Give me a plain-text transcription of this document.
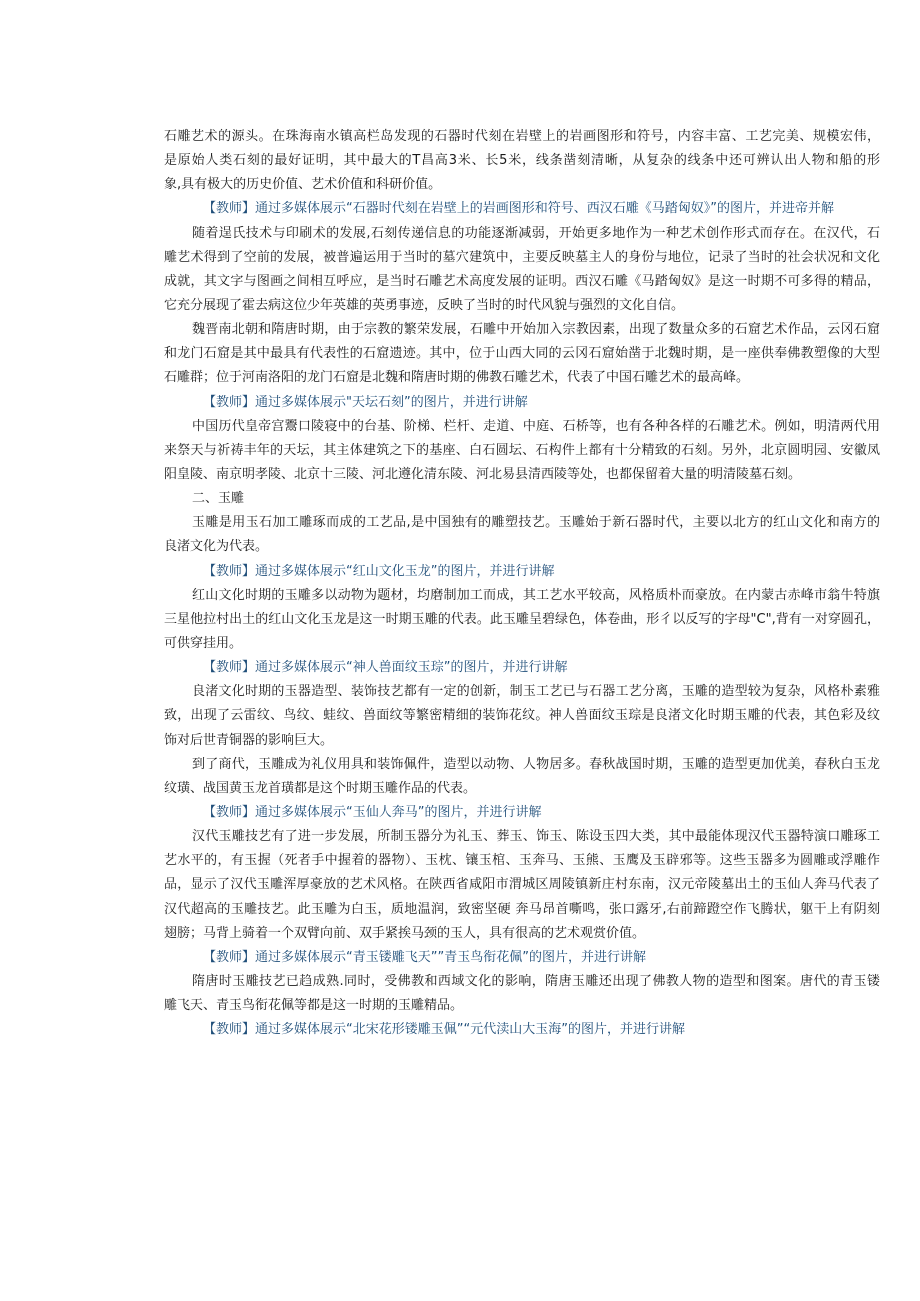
石雕艺术的源头。在珠海南水镇高栏岛发现的石器时代刻在岩壁上的岩画图形和符号，内容丰富、工艺完美、规模宏伟，
是原始人类石刻的最好证明，其中最大的T昌高3米、长5米，线条凿刻清晰，从复杂的线条中还可辨认出人物和船的形
象,具有极大的历史价值、艺术价值和科研价值。
【教师】通过多媒体展示“石器时代刻在岩壁上的岩画图形和符号、西汉石雕《马踏匈奴》”的图片，并进帝并解
随着逞氏技术与印刷术的发展,石刻传递信息的功能逐渐减弱，开始更多地作为一种艺术创作形式而存在。在汉代，石
雕艺术得到了空前的发展，被普遍运用于当时的墓穴建筑中，主要反映墓主人的身份与地位，记录了当时的社会状况和文化
成就，其文字与图画之间相互呼应，是当时石雕艺术高度发展的证明。西汉石雕《马踏匈奴》是这一时期不可多得的精品，
它充分展现了霍去病这位少年英雄的英勇事迹，反映了当时的时代风貌与强烈的文化自信。
魏晋南北朝和隋唐时期，由于宗教的繁荣发展，石雕中开始加入宗教因素，出现了数量众多的石窟艺术作品，云冈石窟
和龙门石窟是其中最具有代表性的石窟遗迹。其中，位于山西大同的云冈石窟始凿于北魏时期，是一座供奉佛教塑像的大型
石雕群；位于河南洛阳的龙门石窟是北魏和隋唐时期的佛教石雕艺术，代表了中国石雕艺术的最高峰。
【教师】通过多媒体展示"天坛石刻”的图片，并进行讲解
中国历代皇帝宫鬻口陵寝中的台基、阶梯、栏杆、走道、中庭、石桥等，也有各种各样的石雕艺术。例如，明清两代用
来祭天与祈祷丰年的天坛，其主体建筑之下的基座、白石圆坛、石构件上都有十分精致的石刻。另外，北京圆明园、安徽凤
阳皇陵、南京明孝陵、北京十三陵、河北遵化清东陵、河北易县清西陵等处，也都保留着大量的明清陵墓石刻。
二、玉雕
玉雕是用玉石加工雕琢而成的工艺品,是中国独有的雕塑技艺。玉雕始于新石器时代，主要以北方的红山文化和南方的
良渚文化为代表。
【教师】通过多媒体展示“红山文化玉龙”的图片，并进行讲解
红山文化时期的玉雕多以动物为题材，均磨制加工而成，其工艺水平较高，风格质朴而豪放。在内蒙古赤峰市翁牛特旗
三星他拉村出土的红山文化玉龙是这一时期玉雕的代表。此玉雕呈碧绿色，体卷曲，形彳以反写的字母"C",背有一对穿圆孔，
可供穿挂用。
【教师】通过多媒体展示“神人兽面纹玉琮”的图片，并进行讲解
良渚文化时期的玉器造型、装饰技艺都有一定的创新，制玉工艺已与石器工艺分离，玉雕的造型较为复杂，风格朴素雅
致，出现了云雷纹、鸟纹、蛙纹、兽面纹等繁密精细的装饰花纹。神人兽面纹玉琮是良渚文化时期玉雕的代表，其色彩及纹
饰对后世青铜器的影响巨大。
到了商代，玉雕成为礼仪用具和装饰佩件，造型以动物、人物居多。春秋战国时期，玉雕的造型更加优美，春秋白玉龙
纹璜、战国黄玉龙首璜都是这个时期玉雕作品的代表。
【教师】通过多媒体展示“玉仙人奔马”的图片，并进行讲解
汉代玉雕技艺有了进一步发展，所制玉器分为礼玉、葬玉、饰玉、陈设玉四大类，其中最能体现汉代玉器特演口雕琢工
艺水平的，有玉握（死者手中握着的器物）、玉枕、镶玉棺、玉奔马、玉熊、玉鹰及玉辟邪等。这些玉器多为圆雕或浮雕作
品，显示了汉代玉雕浑厚豪放的艺术风格。在陕西省咸阳市渭城区周陵镇新庄村东南，汉元帝陵墓出土的玉仙人奔马代表了
汉代超高的玉雕技艺。此玉雕为白玉，质地温润，致密坚硬 奔马昂首嘶鸣，张口露牙,右前蹄蹬空作飞腾状，躯干上有阴刻
翅膀；马背上骑着一个双臂向前、双手紧挨马颈的玉人，具有很高的艺术观赏价值。
【教师】通过多媒体展示“青玉镂雕飞天””青玉鸟衔花佩”的图片，并进行讲解
隋唐时玉雕技艺已趋成熟.同时，受佛教和西域文化的影响，隋唐玉雕还出现了佛教人物的造型和图案。唐代的青玉镂
雕飞天、青玉鸟衔花佩等都是这一时期的玉雕精品。
【教师】通过多媒体展示“北宋花形镂雕玉佩”“元代渎山大玉海”的图片，并进行讲解
